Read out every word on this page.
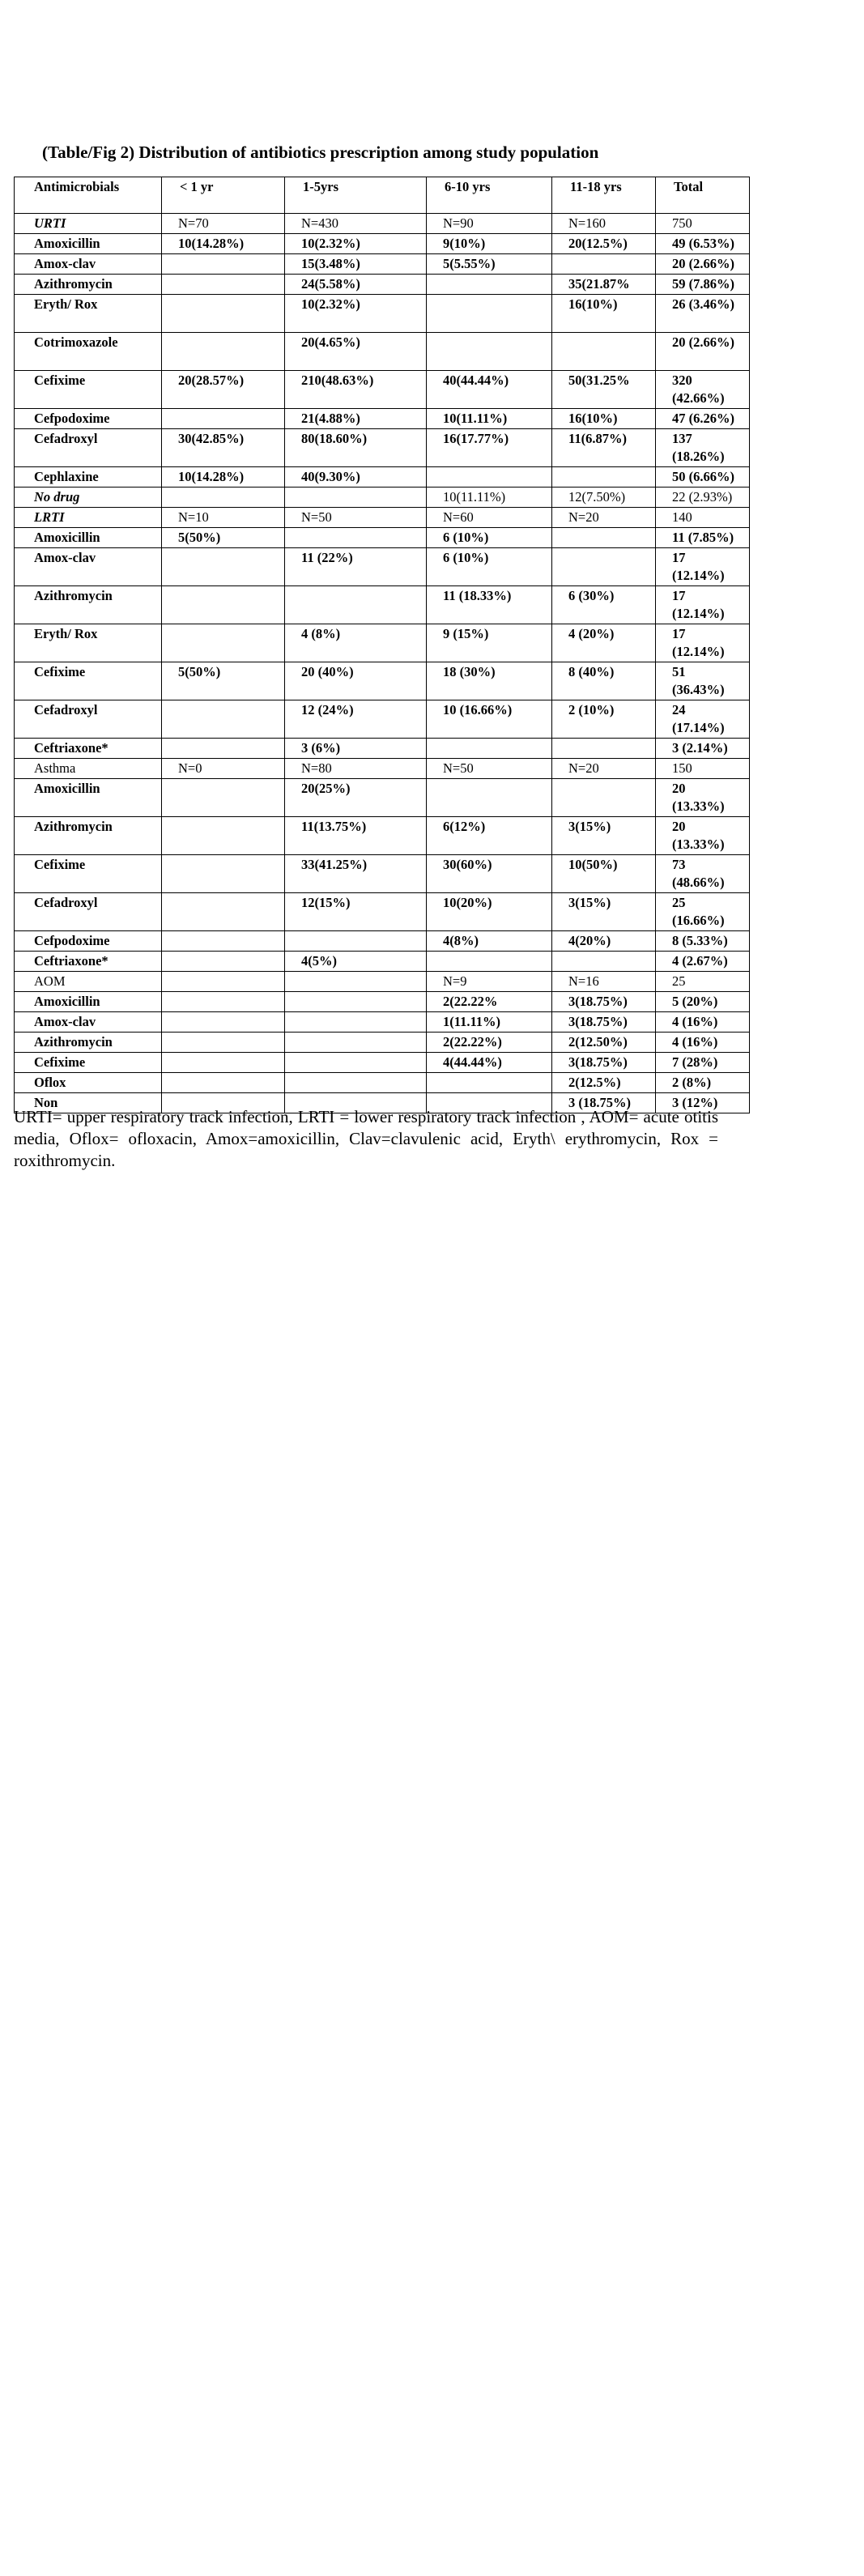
(Table/Fig 2) Distribution of antibiotics prescription among study population
Antimicrobials	< 1 yr	1-5yrs	6-10 yrs	11-18 yrs	Total
URTI	N=70	N=430	N=90	N=160	750
Amoxicillin	10(14.28%)	10(2.32%)	9(10%)	20(12.5%)	49 (6.53%)
Amox-clav		15(3.48%)	5(5.55%)		20 (2.66%)
Azithromycin		24(5.58%)		35(21.87%	59 (7.86%)
Eryth/ Rox		10(2.32%)		16(10%)	26 (3.46%)
Cotrimoxazole		20(4.65%)			20 (2.66%)
Cefixime	20(28.57%)	210(48.63%)	40(44.44%)	50(31.25%	320 (42.66%)
Cefpodoxime		21(4.88%)	10(11.11%)	16(10%)	47 (6.26%)
Cefadroxyl	30(42.85%)	80(18.60%)	16(17.77%)	11(6.87%)	137 (18.26%)
Cephlaxine	10(14.28%)	40(9.30%)			50 (6.66%)
No drug			10(11.11%)	12(7.50%)	22 (2.93%)
LRTI	N=10	N=50	N=60	N=20	140
Amoxicillin	5(50%)		6 (10%)		11 (7.85%)
Amox-clav		11 (22%)	6 (10%)		17 (12.14%)
Azithromycin			11 (18.33%)	6 (30%)	17 (12.14%)
Eryth/ Rox		4 (8%)	9 (15%)	4 (20%)	17 (12.14%)
Cefixime	5(50%)	20 (40%)	18 (30%)	8 (40%)	51 (36.43%)
Cefadroxyl		12 (24%)	10 (16.66%)	2 (10%)	24 (17.14%)
Ceftriaxone*		3 (6%)			3 (2.14%)
Asthma	N=0	N=80	N=50	N=20	150
Amoxicillin		20(25%)			20 (13.33%)
Azithromycin		11(13.75%)	6(12%)	3(15%)	20 (13.33%)
Cefixime		33(41.25%)	30(60%)	10(50%)	73 (48.66%)
Cefadroxyl		12(15%)	10(20%)	3(15%)	25 (16.66%)
Cefpodoxime			4(8%)	4(20%)	8 (5.33%)
Ceftriaxone*		4(5%)			4 (2.67%)
AOM			N=9	N=16	25
Amoxicillin			2(22.22%	3(18.75%)	5 (20%)
Amox-clav			1(11.11%)	3(18.75%)	4 (16%)
Azithromycin			2(22.22%)	2(12.50%)	4 (16%)
Cefixime			4(44.44%)	3(18.75%)	7 (28%)
Oflox				2(12.5%)	2 (8%)
Non				3 (18.75%)	3 (12%)
URTI= upper respiratory track infection, LRTI = lower respiratory track infection , AOM= acute otitis media, Oflox= ofloxacin, Amox=amoxicillin, Clav=clavulenic acid, Eryth\ erythromycin, Rox = roxithromycin.
